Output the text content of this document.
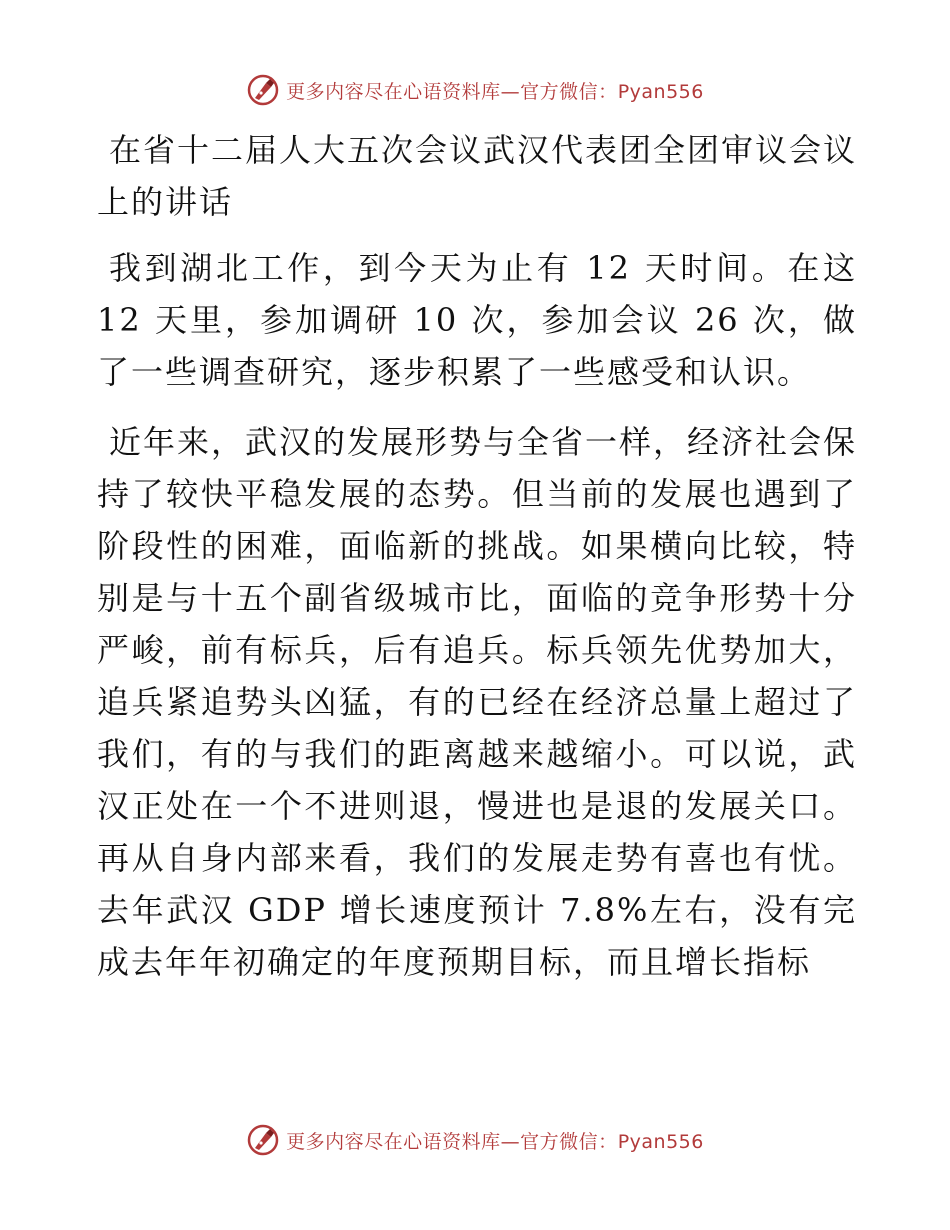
更多内容尽在心语资料库—官方微信：Pyan556

在省十二届人大五次会议武汉代表团全团审议会议上的讲话

我到湖北工作，到今天为止有 12 天时间。在这 12 天里，参加调研 10 次，参加会议 26 次，做了一些调查研究，逐步积累了一些感受和认识。

近年来，武汉的发展形势与全省一样，经济社会保持了较快平稳发展的态势。但当前的发展也遇到了阶段性的困难，面临新的挑战。如果横向比较，特别是与十五个副省级城市比，面临的竞争形势十分严峻，前有标兵，后有追兵。标兵领先优势加大，追兵紧追势头凶猛，有的已经在经济总量上超过了我们，有的与我们的距离越来越缩小。可以说，武汉正处在一个不进则退，慢进也是退的发展关口。再从自身内部来看，我们的发展走势有喜也有忧。去年武汉 GDP 增长速度预计 7.8%左右，没有完成去年年初确定的年度预期目标，而且增长指标

更多内容尽在心语资料库—官方微信：Pyan556
